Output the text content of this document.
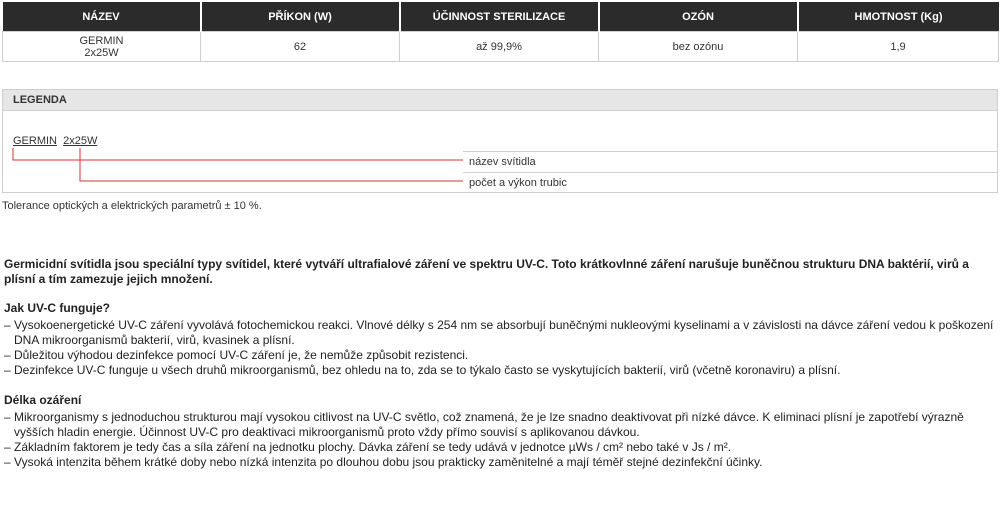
NÁZEV	PŘÍKON (W)	ÚČINNOST STERILIZACE	OZÓN	HMOTNOST (Kg)

GERMIN
2x25W	62	až 99,9%	bez ozónu	1,9
LEGENDA
GERMIN 2x25W
název svítidla
počet a výkon trubic
Tolerance optických a elektrických parametrů ± 10 %.

Germicidní svítidla jsou speciální typy svítidel, které vytváří ultrafialové záření ve spektru UV-C. Toto krátkovlnné záření narušuje buněčnou strukturu DNA baktérií, virů a plísní a tím zamezuje jejich množení.

Jak UV-C funguje?
– Vysokoenergetické UV-C záření vyvolává fotochemickou reakci. Vlnové délky s 254 nm se absorbují buněčnými nukleovými kyselinami a v závislosti na dávce záření vedou k poškození DNA mikroorganismů bakterií, virů, kvasinek a plísní.
– Důležitou výhodou dezinfekce pomocí UV-C záření je, že nemůže způsobit rezistenci.
– Dezinfekce UV-C funguje u všech druhů mikroorganismů, bez ohledu na to, zda se to týkalo často se vyskytujících bakterií, virů (včetně koronaviru) a plísní.
Délka ozáření
– Mikroorganismy s jednoduchou strukturou mají vysokou citlivost na UV-C světlo, což znamená, že je lze snadno deaktivovat při nízké dávce. K eliminaci plísní je zapotřebí výrazně vyšších hladin energie. Účinnost UV-C pro deaktivaci mikroorganismů proto vždy přímo souvisí s aplikovanou dávkou.
– Základním faktorem je tedy čas a síla záření na jednotku plochy. Dávka záření se tedy udává v jednotce µWs / cm² nebo také v Js / m².
– Vysoká intenzita během krátké doby nebo nízká intenzita po dlouhou dobu jsou prakticky zaměnitelné a mají téměř stejné dezinfekční účinky.
